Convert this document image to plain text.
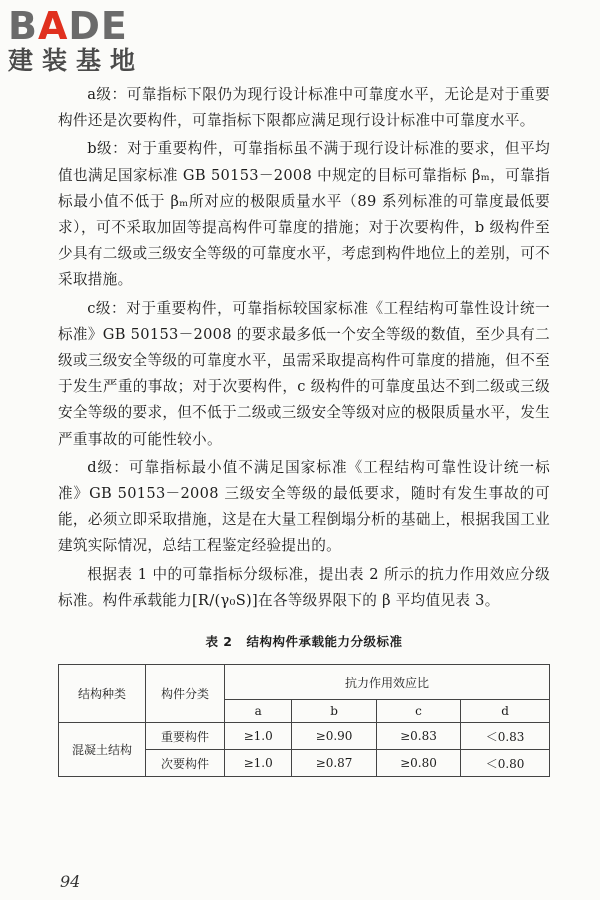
BADE
建装基地

a级：可靠指标下限仍为现行设计标准中可靠度水平，无论是对于重要构件还是次要构件，可靠指标下限都应满足现行设计标准中可靠度水平。

b级：对于重要构件，可靠指标虽不满于现行设计标准的要求，但平均值也满足国家标准 GB 50153－2008 中规定的目标可靠指标 βₘ，可靠指标最小值不低于 βₘ所对应的极限质量水平（89 系列标准的可靠度最低要求），可不采取加固等提高构件可靠度的措施；对于次要构件，b 级构件至少具有二级或三级安全等级的可靠度水平，考虑到构件地位上的差别，可不采取措施。

c级：对于重要构件，可靠指标较国家标准《工程结构可靠性设计统一标准》GB 50153－2008 的要求最多低一个安全等级的数值，至少具有二级或三级安全等级的可靠度水平，虽需采取提高构件可靠度的措施，但不至于发生严重的事故；对于次要构件，c 级构件的可靠度虽达不到二级或三级安全等级的要求，但不低于二级或三级安全等级对应的极限质量水平，发生严重事故的可能性较小。

d级：可靠指标最小值不满足国家标准《工程结构可靠性设计统一标准》GB 50153－2008 三级安全等级的最低要求，随时有发生事故的可能，必须立即采取措施，这是在大量工程倒塌分析的基础上，根据我国工业建筑实际情况，总结工程鉴定经验提出的。

根据表 1 中的可靠指标分级标准，提出表 2 所示的抗力作用效应分级标准。构件承载能力[R/(γ₀S)]在各等级界限下的 β 平均值见表 3。

表 2 结构构件承载能力分级标准
结构种类	构件分类	抗力作用效应比			
		a	b	c	d
混凝土结构	重要构件	≥1.0	≥0.90	≥0.83	＜0.83
	次要构件	≥1.0	≥0.87	≥0.80	＜0.80
94
